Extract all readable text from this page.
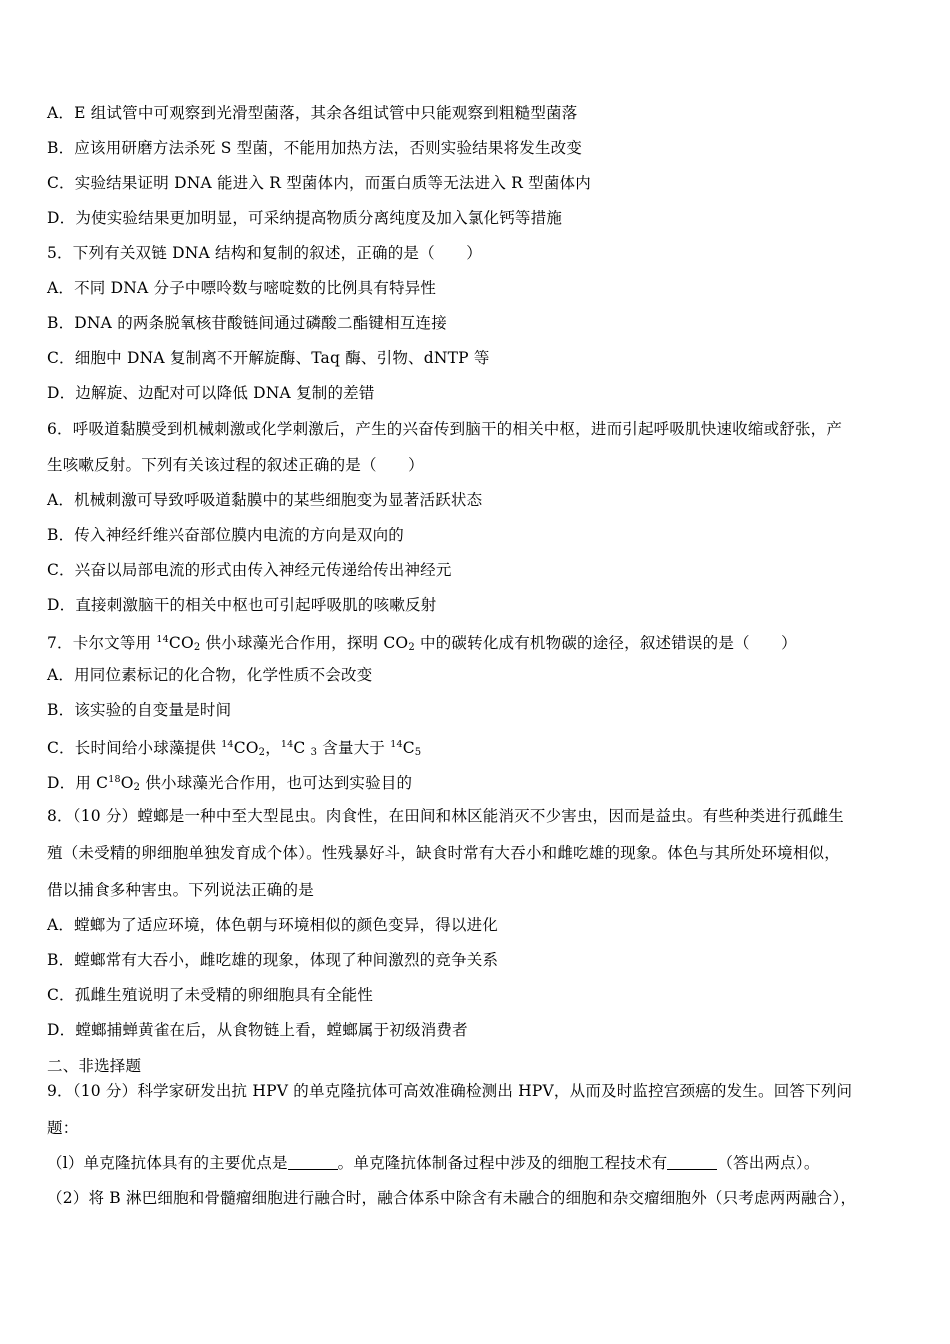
A．E 组试管中可观察到光滑型菌落，其余各组试管中只能观察到粗糙型菌落
B．应该用研磨方法杀死 S 型菌，不能用加热方法，否则实验结果将发生改变
C．实验结果证明 DNA 能进入 R 型菌体内，而蛋白质等无法进入 R 型菌体内
D．为使实验结果更加明显，可采纳提高物质分离纯度及加入氯化钙等措施
5．下列有关双链 DNA 结构和复制的叙述，正确的是（　　）
A．不同 DNA 分子中嘌呤数与嘧啶数的比例具有特异性
B．DNA 的两条脱氧核苷酸链间通过磷酸二酯键相互连接
C．细胞中 DNA 复制离不开解旋酶、Taq 酶、引物、dNTP 等
D．边解旋、边配对可以降低 DNA 复制的差错
6．呼吸道黏膜受到机械刺激或化学刺激后，产生的兴奋传到脑干的相关中枢，进而引起呼吸肌快速收缩或舒张，产
生咳嗽反射。下列有关该过程的叙述正确的是（　　）
A．机械刺激可导致呼吸道黏膜中的某些细胞变为显著活跃状态
B．传入神经纤维兴奋部位膜内电流的方向是双向的
C．兴奋以局部电流的形式由传入神经元传递给传出神经元
D．直接刺激脑干的相关中枢也可引起呼吸肌的咳嗽反射
7．卡尔文等用 $^{14}CO_2$ 供小球藻光合作用，探明 $CO_2$ 中的碳转化成有机物碳的途径，叙述错误的是（　　）
A．用同位素标记的化合物，化学性质不会改变
B．该实验的自变量是时间
C．长时间给小球藻提供 $^{14}CO_2$，$^{14}$C $_3$ 含量大于 $^{14}C_5$
D．用 $C^{18}O_2$ 供小球藻光合作用，也可达到实验目的
8．（10 分）螳螂是一种中至大型昆虫。肉食性，在田间和林区能消灭不少害虫，因而是益虫。有些种类进行孤雌生
殖（未受精的卵细胞单独发育成个体）。性残暴好斗，缺食时常有大吞小和雌吃雄的现象。体色与其所处环境相似，
借以捕食多种害虫。下列说法正确的是
A．螳螂为了适应环境，体色朝与环境相似的颜色变异，得以进化
B．螳螂常有大吞小，雌吃雄的现象，体现了种间激烈的竞争关系
C．孤雌生殖说明了未受精的卵细胞具有全能性
D．螳螂捕蝉黄雀在后，从食物链上看，螳螂属于初级消费者
二、非选择题
9．（10 分）科学家研发出抗 HPV 的单克隆抗体可高效准确检测出 HPV，从而及时监控宫颈癌的发生。回答下列问
题：
（l）单克隆抗体具有的主要优点是	。单克隆抗体制备过程中涉及的细胞工程技术有	（答出两点）。
（2）将 B 淋巴细胞和骨髓瘤细胞进行融合时，融合体系中除含有未融合的细胞和杂交瘤细胞外（只考虑两两融合），
